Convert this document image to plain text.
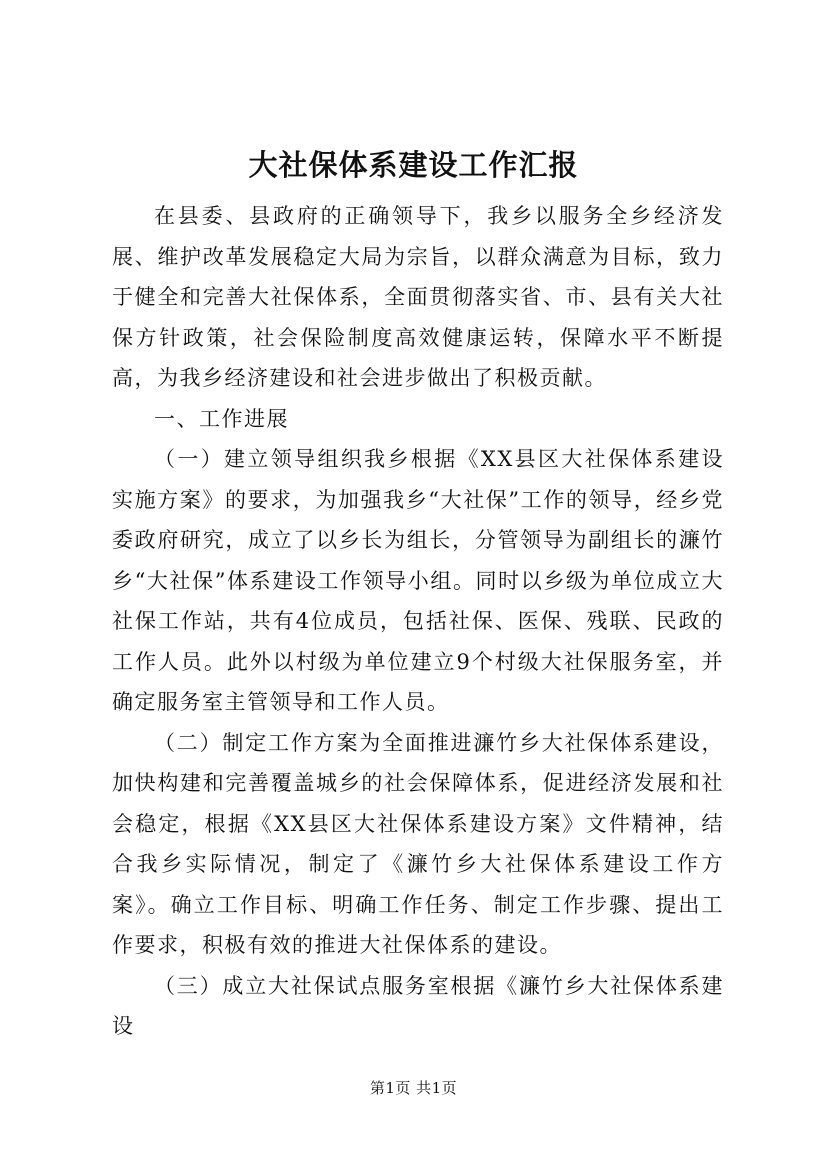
大社保体系建设工作汇报

在县委、县政府的正确领导下，我乡以服务全乡经济发展、维护改革发展稳定大局为宗旨，以群众满意为目标，致力于健全和完善大社保体系，全面贯彻落实省、市、县有关大社保方针政策，社会保险制度高效健康运转，保障水平不断提高，为我乡经济建设和社会进步做出了积极贡献。

一、工作进展

（一）建立领导组织我乡根据《XX县区大社保体系建设实施方案》的要求，为加强我乡“大社保”工作的领导，经乡党委政府研究，成立了以乡长为组长，分管领导为副组长的濂竹乡“大社保”体系建设工作领导小组。同时以乡级为单位成立大社保工作站，共有4位成员，包括社保、医保、残联、民政的工作人员。此外以村级为单位建立9个村级大社保服务室，并确定服务室主管领导和工作人员。

（二）制定工作方案为全面推进濂竹乡大社保体系建设，加快构建和完善覆盖城乡的社会保障体系，促进经济发展和社会稳定，根据《XX县区大社保体系建设方案》文件精神，结合我乡实际情况，制定了《濂竹乡大社保体系建设工作方案》。确立工作目标、明确工作任务、制定工作步骤、提出工作要求，积极有效的推进大社保体系的建设。

（三）成立大社保试点服务室根据《濂竹乡大社保体系建设

第1页 共1页
